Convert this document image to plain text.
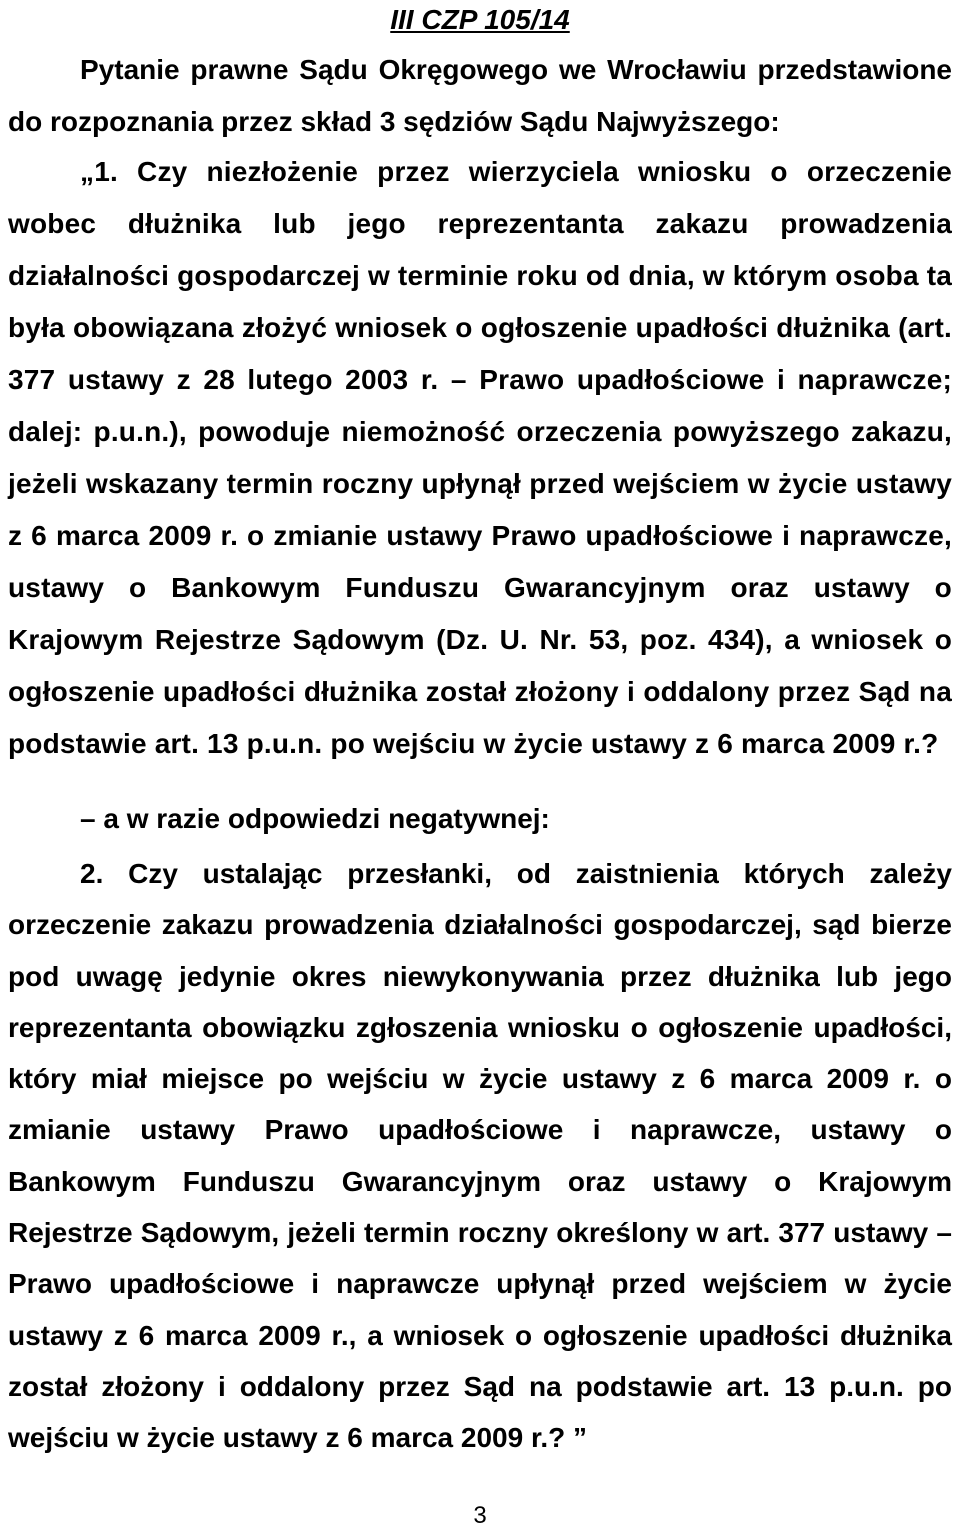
III CZP 105/14

Pytanie prawne Sądu Okręgowego we Wrocławiu przedstawione do rozpoznania przez skład 3 sędziów Sądu Najwyższego:

„1. Czy niezłożenie przez wierzyciela wniosku o orzeczenie wobec dłużnika lub jego reprezentanta zakazu prowadzenia działalności gospodarczej w terminie roku od dnia, w którym osoba ta była obowiązana złożyć wniosek o ogłoszenie upadłości dłużnika (art. 377 ustawy z 28 lutego 2003 r. – Prawo upadłościowe i naprawcze; dalej: p.u.n.), powoduje niemożność orzeczenia powyższego zakazu, jeżeli wskazany termin roczny upłynął przed wejściem w życie ustawy z 6 marca 2009 r. o zmianie ustawy Prawo upadłościowe i naprawcze, ustawy o Bankowym Funduszu Gwarancyjnym oraz ustawy o Krajowym Rejestrze Sądowym (Dz. U. Nr. 53, poz. 434), a wniosek o ogłoszenie upadłości dłużnika został złożony i oddalony przez Sąd na podstawie art. 13 p.u.n. po wejściu w życie ustawy z 6 marca 2009 r.?

– a w razie odpowiedzi negatywnej:

2. Czy ustalając przesłanki, od zaistnienia których zależy orzeczenie zakazu prowadzenia działalności gospodarczej, sąd bierze pod uwagę jedynie okres niewykonywania przez dłużnika lub jego reprezentanta obowiązku zgłoszenia wniosku o ogłoszenie upadłości, który miał miejsce po wejściu w życie ustawy z 6 marca 2009 r. o zmianie ustawy Prawo upadłościowe i naprawcze, ustawy o Bankowym Funduszu Gwarancyjnym oraz ustawy o Krajowym Rejestrze Sądowym, jeżeli termin roczny określony w art. 377 ustawy – Prawo upadłościowe i naprawcze upłynął przed wejściem w życie ustawy z 6 marca 2009 r., a wniosek o ogłoszenie upadłości dłużnika został złożony i oddalony przez Sąd na podstawie art. 13 p.u.n. po wejściu w życie ustawy z 6 marca 2009 r.? ”

3
